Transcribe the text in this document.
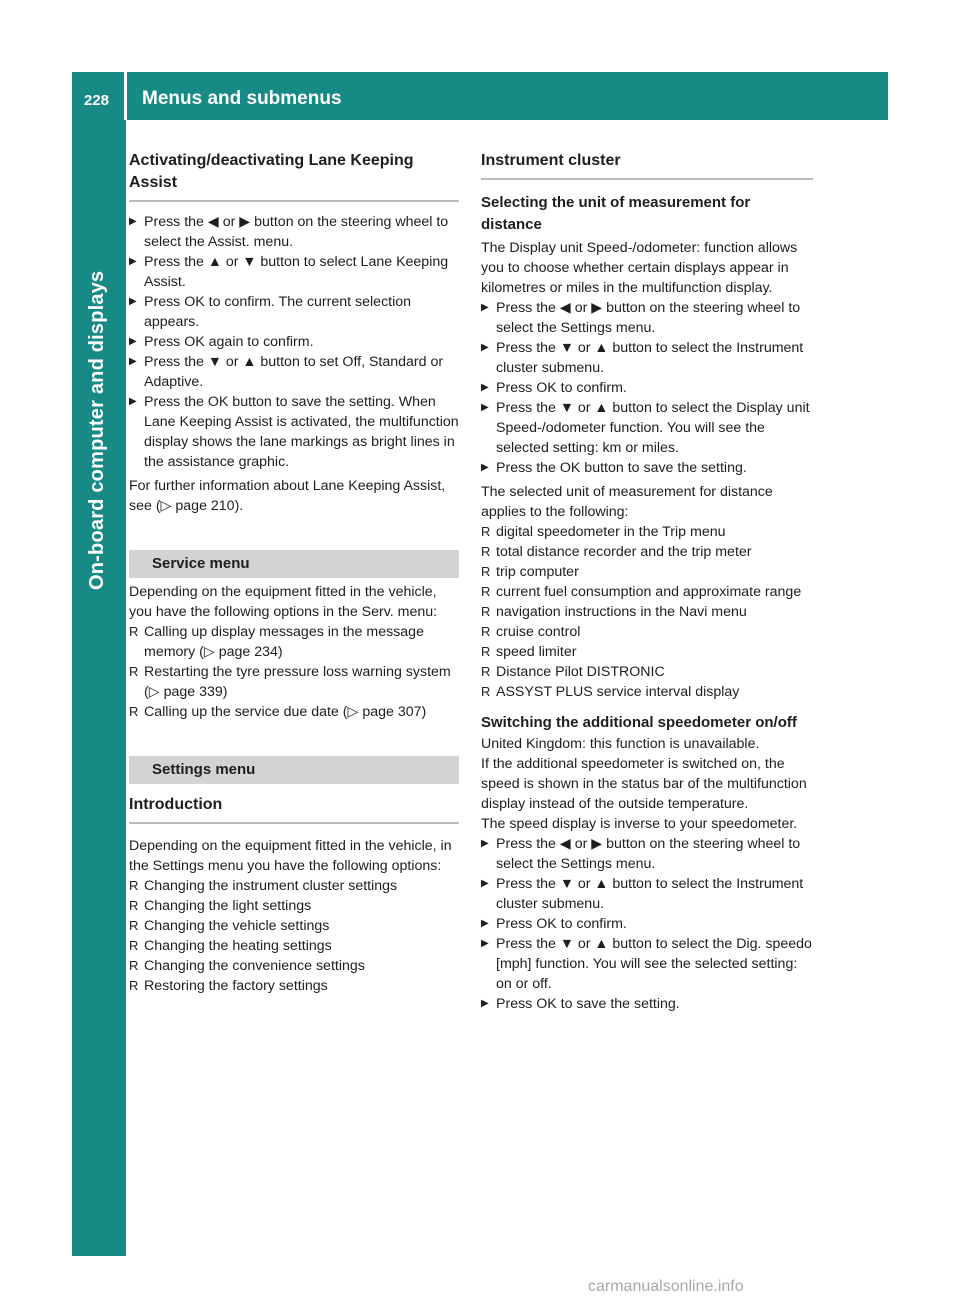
228 Menus and submenus
On-board computer and displays
Activating/deactivating Lane Keeping Assist

▶ Press the ◀ or ▶ button on the steering wheel to select the Assist. menu.

▶ Press the ▲ or ▼ button to select Lane Keeping Assist.

▶ Press OK to confirm. The current selection appears.

▶ Press OK again to confirm.

▶ Press the ▼ or ▲ button to set Off, Standard or Adaptive.

▶ Press the OK button to save the setting. When Lane Keeping Assist is activated, the multifunction display shows the lane markings as bright lines in the assistance graphic.

For further information about Lane Keeping Assist, see (▷ page 210).

Service menu

Depending on the equipment fitted in the vehicle, you have the following options in the Serv. menu:

R Calling up display messages in the message memory (▷ page 234)

R Restarting the tyre pressure loss warning system (▷ page 339)

R Calling up the service due date (▷ page 307)

Settings menu
Introduction

Depending on the equipment fitted in the vehicle, in the Settings menu you have the following options:

R Changing the instrument cluster settings

R Changing the light settings

R Changing the vehicle settings

R Changing the heating settings

R Changing the convenience settings

R Restoring the factory settings

Instrument cluster
Selecting the unit of measurement for distance

The Display unit Speed-/odometer: function allows you to choose whether certain displays appear in kilometres or miles in the multifunction display.

▶ Press the ◀ or ▶ button on the steering wheel to select the Settings menu.

▶ Press the ▼ or ▲ button to select the Instrument cluster submenu.

▶ Press OK to confirm.

▶ Press the ▼ or ▲ button to select the Display unit Speed-/odometer function. You will see the selected setting: km or miles.

▶ Press the OK button to save the setting.

The selected unit of measurement for distance applies to the following:

R digital speedometer in the Trip menu

R total distance recorder and the trip meter

R trip computer

R current fuel consumption and approximate range

R navigation instructions in the Navi menu

R cruise control

R speed limiter

R Distance Pilot DISTRONIC

R ASSYST PLUS service interval display

Switching the additional speedometer on/off

United Kingdom: this function is unavailable.

If the additional speedometer is switched on, the speed is shown in the status bar of the multifunction display instead of the outside temperature.

The speed display is inverse to your speedometer.

▶ Press the ◀ or ▶ button on the steering wheel to select the Settings menu.

▶ Press the ▼ or ▲ button to select the Instrument cluster submenu.

▶ Press OK to confirm.

▶ Press the ▼ or ▲ button to select the Dig. speedo [mph] function. You will see the selected setting: on or off.

▶ Press OK to save the setting.

carmanualsonline.info
